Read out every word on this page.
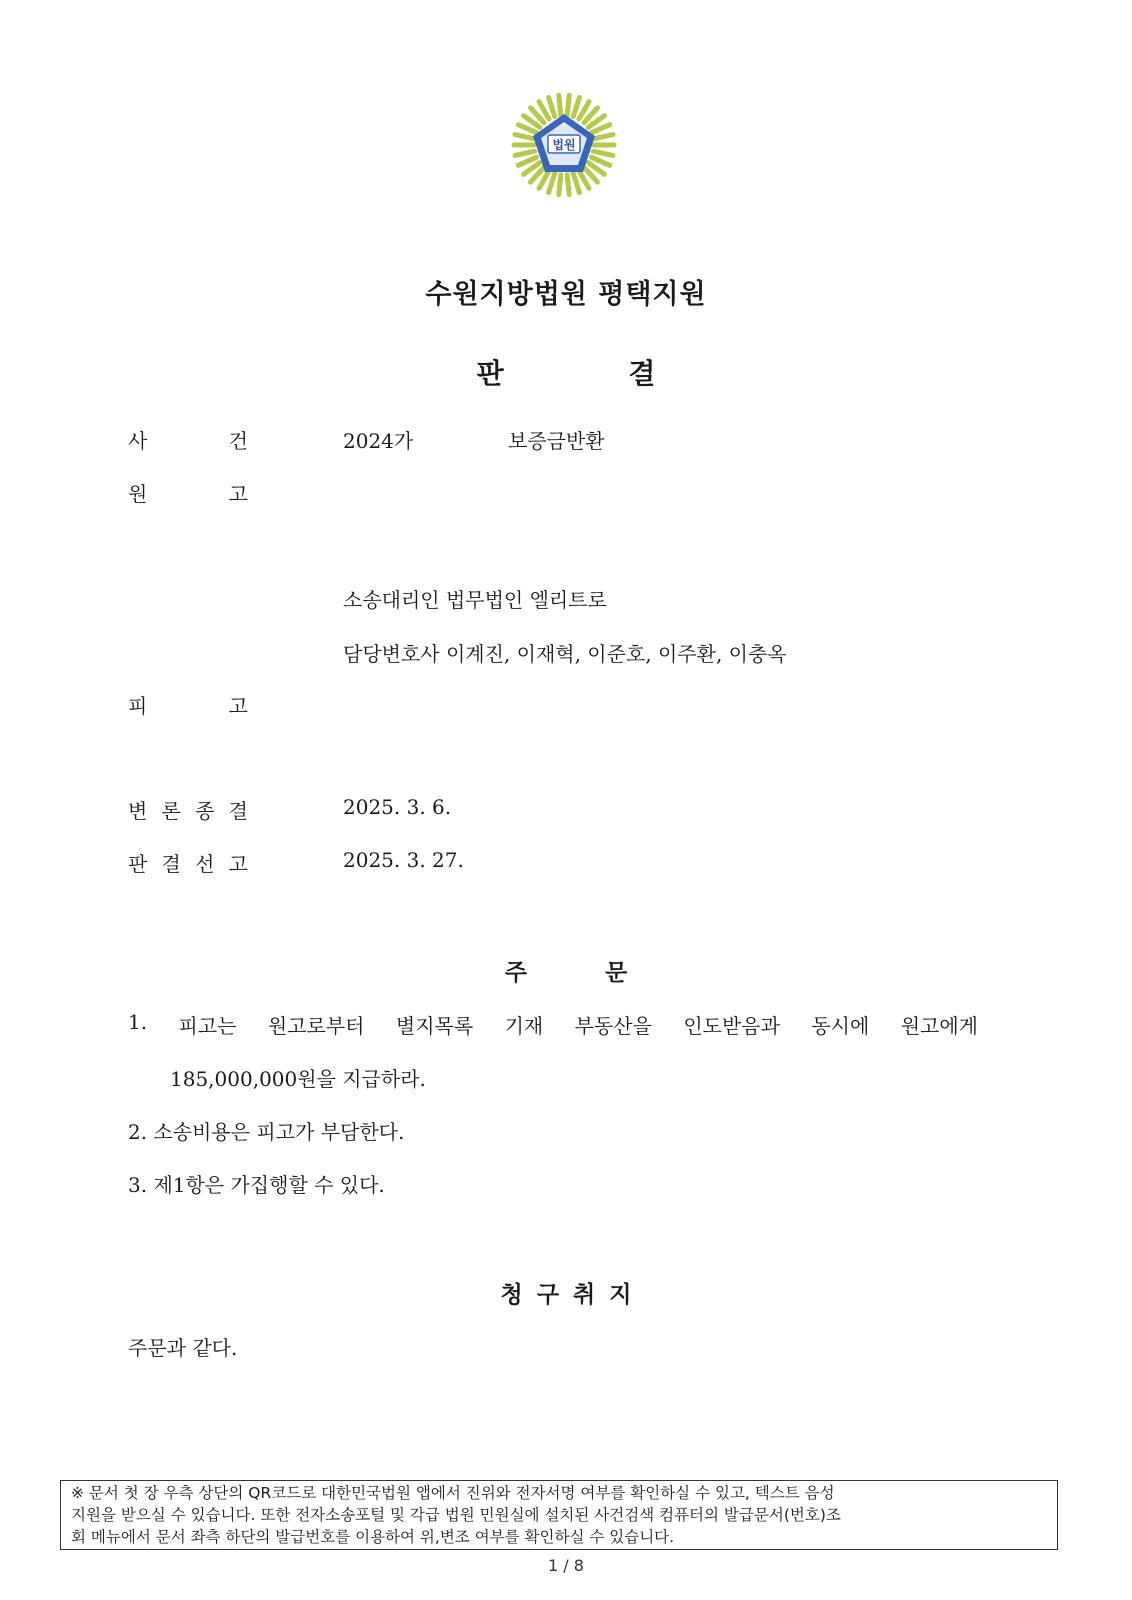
법원
수원지방법원 평택지원
판 결
사	건	2024가	보증금반환
원	고
소송대리인 법무법인 엘리트로
담당변호사 이계진, 이재혁, 이준호, 이주환, 이충옥
피	고
변 론 종 결	2025. 3. 6.
판 결 선 고	2025. 3. 27.
주 문
1. 피고는 원고로부터 별지목록 기재 부동산을 인도받음과 동시에 원고에게
185,000,000원을 지급하라.
2. 소송비용은 피고가 부담한다.
3. 제1항은 가집행할 수 있다.
청 구 취 지
주문과 같다.
※ 문서 첫 장 우측 상단의 QR코드로 대한민국법원 앱에서 진위와 전자서명 여부를 확인하실 수 있고, 텍스트 음성
지원을 받으실 수 있습니다. 또한 전자소송포털 및 각급 법원 민원실에 설치된 사건검색 컴퓨터의 발급문서(번호)조
회 메뉴에서 문서 좌측 하단의 발급번호를 이용하여 위,변조 여부를 확인하실 수 있습니다.
1 / 8
